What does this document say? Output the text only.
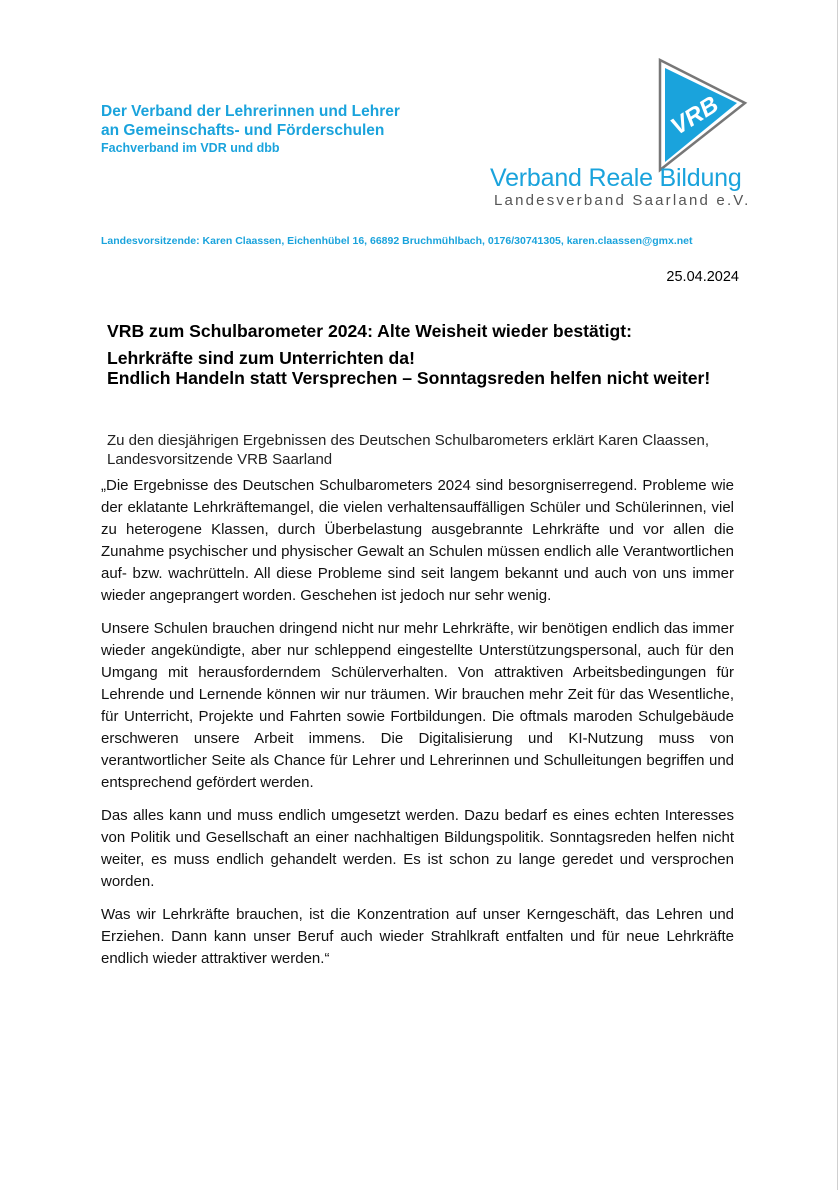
Der Verband der Lehrerinnen und Lehrer
an Gemeinschafts- und Förderschulen
Fachverband im VDR und dbb
VRB
Verband Reale Bildung
Landesverband Saarland e.V.
Landesvorsitzende: Karen Claassen, Eichenhübel 16, 66892 Bruchmühlbach, 0176/30741305, karen.claassen@gmx.net
25.04.2024
VRB zum Schulbarometer 2024: Alte Weisheit wieder bestätigt:
Lehrkräfte sind zum Unterrichten da!
Endlich Handeln statt Versprechen – Sonntagsreden helfen nicht weiter!
Zu den diesjährigen Ergebnissen des Deutschen Schulbarometers erklärt Karen Claassen, Landesvorsitzende VRB Saarland

„Die Ergebnisse des Deutschen Schulbarometers 2024 sind besorgniserregend. Probleme wie der eklatante Lehrkräftemangel, die vielen verhaltensauffälligen Schüler und Schülerinnen, viel zu heterogene Klassen, durch Überbelastung ausgebrannte Lehrkräfte und vor allen die Zunahme psychischer und physischer Gewalt an Schulen müssen endlich alle Verantwortlichen auf- bzw. wachrütteln. All diese Probleme sind seit langem bekannt und auch von uns immer wieder angeprangert worden. Geschehen ist jedoch nur sehr wenig.

Unsere Schulen brauchen dringend nicht nur mehr Lehrkräfte, wir benötigen endlich das immer wieder angekündigte, aber nur schleppend eingestellte Unterstützungspersonal, auch für den Umgang mit herausforderndem Schülerverhalten. Von attraktiven Arbeitsbedingungen für Lehrende und Lernende können wir nur träumen. Wir brauchen mehr Zeit für das Wesentliche, für Unterricht, Projekte und Fahrten sowie Fortbildungen. Die oftmals maroden Schulgebäude erschweren unsere Arbeit immens. Die Digitalisierung und KI-Nutzung muss von verantwortlicher Seite als Chance für Lehrer und Lehrerinnen und Schulleitungen begriffen und entsprechend gefördert werden.

Das alles kann und muss endlich umgesetzt werden. Dazu bedarf es eines echten Interesses von Politik und Gesellschaft an einer nachhaltigen Bildungspolitik. Sonntagsreden helfen nicht weiter, es muss endlich gehandelt werden. Es ist schon zu lange geredet und versprochen worden.

Was wir Lehrkräfte brauchen, ist die Konzentration auf unser Kerngeschäft, das Lehren und Erziehen. Dann kann unser Beruf auch wieder Strahlkraft entfalten und für neue Lehrkräfte endlich wieder attraktiver werden.“
